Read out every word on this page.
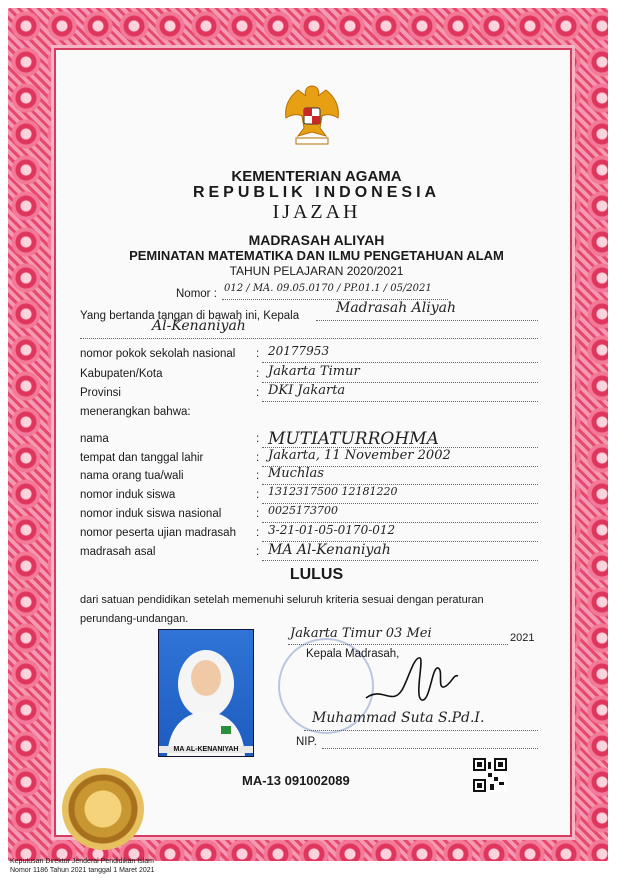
KEMENTERIAN AGAMA
REPUBLIK INDONESIA
IJAZAH
MADRASAH ALIYAH
PEMINATAN MATEMATIKA DAN ILMU PENGETAHUAN ALAM
TAHUN PELAJARAN 2020/2021
Nomor : 012 / MA. 09.05.0170 / PP.01.1 / 05/2021
Yang bertanda tangan di bawah ini, Kepala	Madrasah Aliyah
Al-Kenaniyah
nomor pokok sekolah nasional : 20177953
Kabupaten/Kota	: Jakarta Timur
Provinsi	: DKI Jakarta
menerangkan bahwa:
nama	: MUTIATURROHMA
tempat dan tanggal lahir	: Jakarta, 11 November 2002
nama orang tua/wali	: Muchlas
nomor induk siswa	: 1312317500 12181220
nomor induk siswa nasional	: 0025173700
nomor peserta ujian madrasah : 3-21-01-05-0170-012
madrasah asal	: MA Al-Kenaniyah
LULUS
dari satuan pendidikan setelah memenuhi seluruh kriteria sesuai dengan peraturan
perundang-undangan.
MA AL-KENANIYAH
Jakarta Timur 03 Mei	2021
Kepala Madrasah,
Muhammad Suta S.Pd.I.
NIP.
MA-13 091002089
Keputusan Direktur Jenderal Pendidikan Islam
Nomor 1186 Tahun 2021 tanggal 1 Maret 2021
